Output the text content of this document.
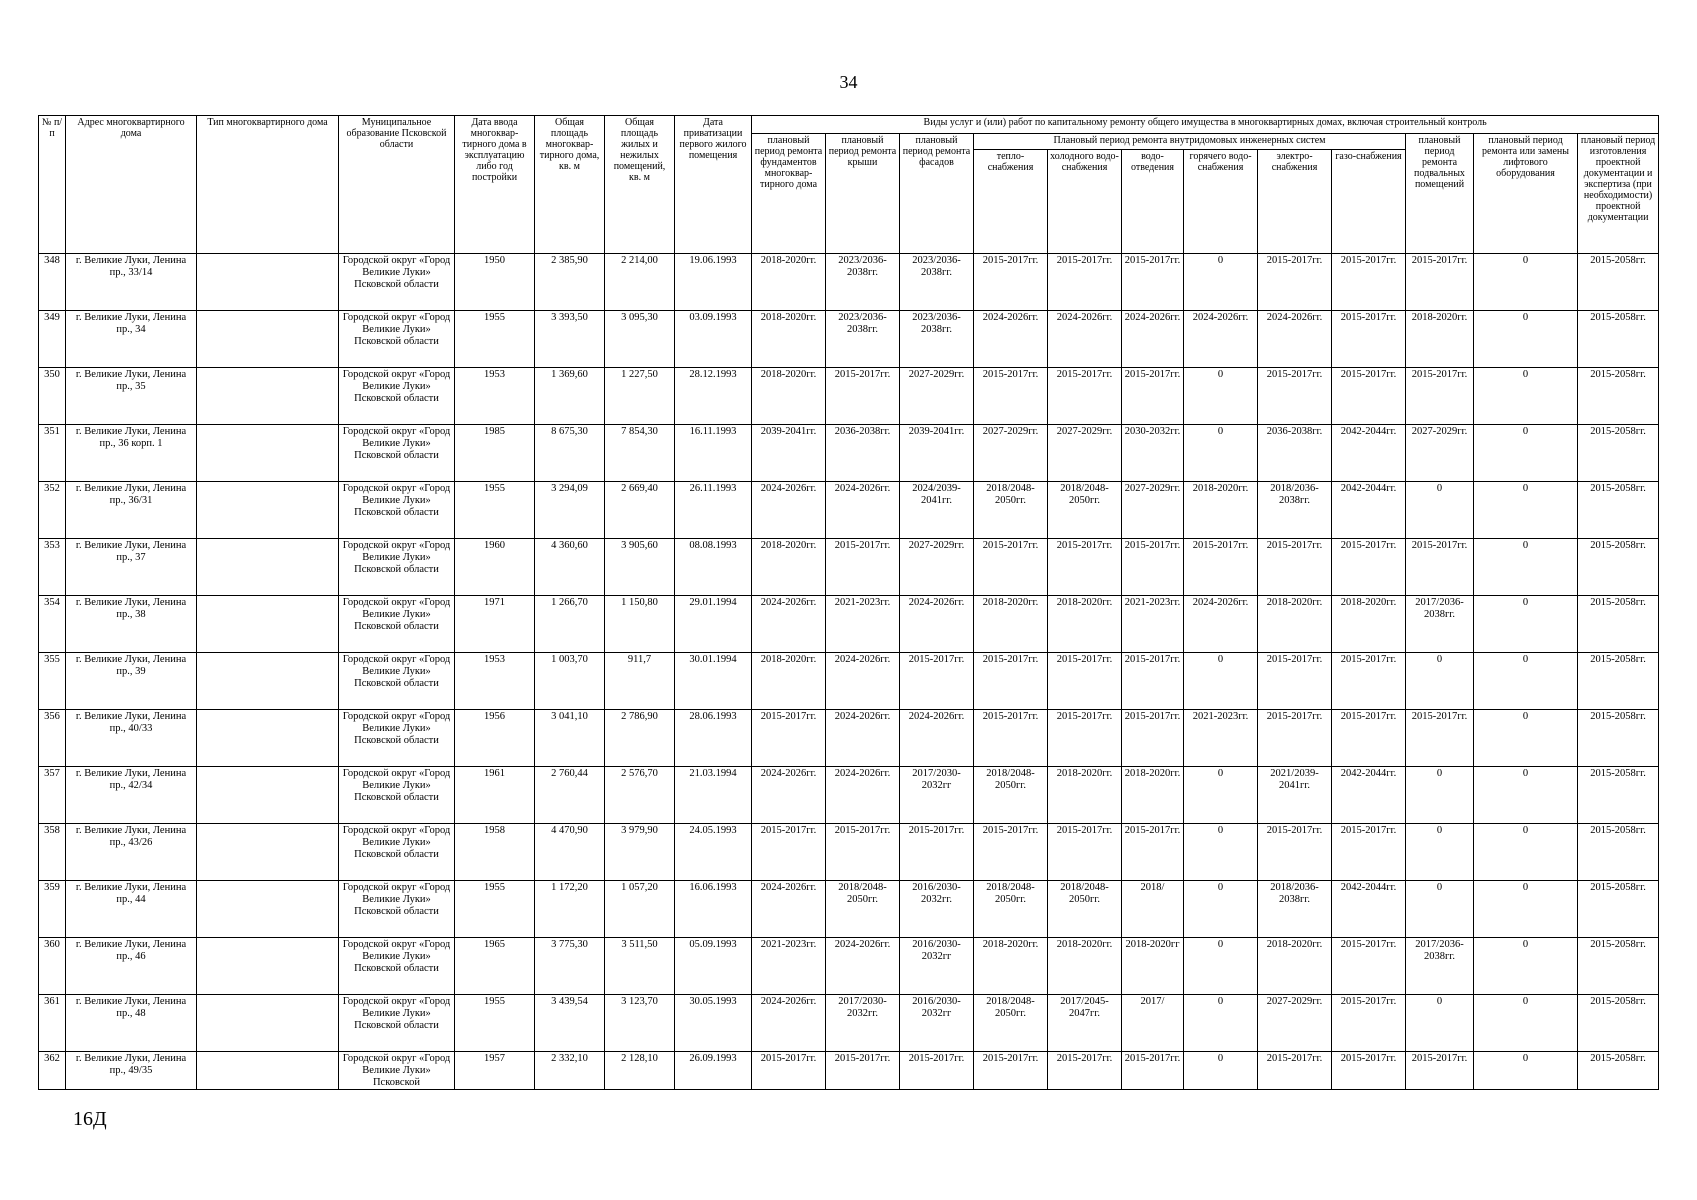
34
№ п/п	Адрес многоквартирного дома	Тип многоквартирного дома	Муниципальное образование Псковской области	Дата ввода многоквар-тирного дома в эксплуатацию либо год постройки	Общая площадь многоквар-тирного дома, кв. м	Общая площадь жилых и нежилых помещений, кв. м	Дата приватизации первого жилого помещения	Виды услуг и (или) работ по капитальному ремонту общего имущества в многоквартирных домах, включая строительный контроль											
								плановый период ремонта фундаментов многоквар-тирного дома	плановый период ремонта крыши	плановый период ремонта фасадов	Плановый период ремонта внутридомовых инженерных систем						плановый период ремонта подвальных помещений	плановый период ремонта или замены лифтового оборудования	плановый период изготовления проектной документации и экспертиза (при необходимости) проектной документации
											тепло-снабжения	холодного водо-снабжения	водо-отведения	горячего водо-снабжения	электро-снабжения	газо-снабжения			
348	г. Великие Луки, Ленина пр., 33/14		Городской округ «Город Великие Луки» Псковской области	1950	2 385,90	2 214,00	19.06.1993	2018-2020гг.	2023/2036-2038гг.	2023/2036-2038гг.	2015-2017гг.	2015-2017гг.	2015-2017гг.	0	2015-2017гг.	2015-2017гг.	2015-2017гг.	0	2015-2058гг.
349	г. Великие Луки, Ленина пр., 34		Городской округ «Город Великие Луки» Псковской области	1955	3 393,50	3 095,30	03.09.1993	2018-2020гг.	2023/2036-2038гг.	2023/2036-2038гг.	2024-2026гг.	2024-2026гг.	2024-2026гг.	2024-2026гг.	2024-2026гг.	2015-2017гг.	2018-2020гг.	0	2015-2058гг.
350	г. Великие Луки, Ленина пр., 35		Городской округ «Город Великие Луки» Псковской области	1953	1 369,60	1 227,50	28.12.1993	2018-2020гг.	2015-2017гг.	2027-2029гг.	2015-2017гг.	2015-2017гг.	2015-2017гг.	0	2015-2017гг.	2015-2017гг.	2015-2017гг.	0	2015-2058гг.
351	г. Великие Луки, Ленина пр., 36 корп. 1		Городской округ «Город Великие Луки» Псковской области	1985	8 675,30	7 854,30	16.11.1993	2039-2041гг.	2036-2038гг.	2039-2041гг.	2027-2029гг.	2027-2029гг.	2030-2032гг.	0	2036-2038гг.	2042-2044гг.	2027-2029гг.	0	2015-2058гг.
352	г. Великие Луки, Ленина пр., 36/31		Городской округ «Город Великие Луки» Псковской области	1955	3 294,09	2 669,40	26.11.1993	2024-2026гг.	2024-2026гг.	2024/2039-2041гг.	2018/2048-2050гг.	2018/2048-2050гг.	2027-2029гг.	2018-2020гг.	2018/2036-2038гг.	2042-2044гг.	0	0	2015-2058гг.
353	г. Великие Луки, Ленина пр., 37		Городской округ «Город Великие Луки» Псковской области	1960	4 360,60	3 905,60	08.08.1993	2018-2020гг.	2015-2017гг.	2027-2029гг.	2015-2017гг.	2015-2017гг.	2015-2017гг.	2015-2017гг.	2015-2017гг.	2015-2017гг.	2015-2017гг.	0	2015-2058гг.
354	г. Великие Луки, Ленина пр., 38		Городской округ «Город Великие Луки» Псковской области	1971	1 266,70	1 150,80	29.01.1994	2024-2026гг.	2021-2023гг.	2024-2026гг.	2018-2020гг.	2018-2020гг.	2021-2023гг.	2024-2026гг.	2018-2020гг.	2018-2020гг.	2017/2036-2038гг.	0	2015-2058гг.
355	г. Великие Луки, Ленина пр., 39		Городской округ «Город Великие Луки» Псковской области	1953	1 003,70	911,7	30.01.1994	2018-2020гг.	2024-2026гг.	2015-2017гг.	2015-2017гг.	2015-2017гг.	2015-2017гг.	0	2015-2017гг.	2015-2017гг.	0	0	2015-2058гг.
356	г. Великие Луки, Ленина пр., 40/33		Городской округ «Город Великие Луки» Псковской области	1956	3 041,10	2 786,90	28.06.1993	2015-2017гг.	2024-2026гг.	2024-2026гг.	2015-2017гг.	2015-2017гг.	2015-2017гг.	2021-2023гг.	2015-2017гг.	2015-2017гг.	2015-2017гг.	0	2015-2058гг.
357	г. Великие Луки, Ленина пр., 42/34		Городской округ «Город Великие Луки» Псковской области	1961	2 760,44	2 576,70	21.03.1994	2024-2026гг.	2024-2026гг.	2017/2030-2032гг	2018/2048-2050гг.	2018-2020гг.	2018-2020гг.	0	2021/2039-2041гг.	2042-2044гг.	0	0	2015-2058гг.
358	г. Великие Луки, Ленина пр., 43/26		Городской округ «Город Великие Луки» Псковской области	1958	4 470,90	3 979,90	24.05.1993	2015-2017гг.	2015-2017гг.	2015-2017гг.	2015-2017гг.	2015-2017гг.	2015-2017гг.	0	2015-2017гг.	2015-2017гг.	0	0	2015-2058гг.
359	г. Великие Луки, Ленина пр., 44		Городской округ «Город Великие Луки» Псковской области	1955	1 172,20	1 057,20	16.06.1993	2024-2026гг.	2018/2048-2050гг.	2016/2030-2032гг.	2018/2048-2050гг.	2018/2048-2050гг.	2018/	0	2018/2036-2038гг.	2042-2044гг.	0	0	2015-2058гг.
360	г. Великие Луки, Ленина пр., 46		Городской округ «Город Великие Луки» Псковской области	1965	3 775,30	3 511,50	05.09.1993	2021-2023гг.	2024-2026гг.	2016/2030-2032гг	2018-2020гг.	2018-2020гг.	2018-2020гг	0	2018-2020гг.	2015-2017гг.	2017/2036-2038гг.	0	2015-2058гг.
361	г. Великие Луки, Ленина пр., 48		Городской округ «Город Великие Луки» Псковской области	1955	3 439,54	3 123,70	30.05.1993	2024-2026гг.	2017/2030-2032гг.	2016/2030-2032гг	2018/2048-2050гг.	2017/2045-2047гг.	2017/	0	2027-2029гг.	2015-2017гг.	0	0	2015-2058гг.
362	г. Великие Луки, Ленина пр., 49/35		Городской округ «Город Великие Луки» Псковской	1957	2 332,10	2 128,10	26.09.1993	2015-2017гг.	2015-2017гг.	2015-2017гг.	2015-2017гг.	2015-2017гг.	2015-2017гг.	0	2015-2017гг.	2015-2017гг.	2015-2017гг.	0	2015-2058гг.
16Д
